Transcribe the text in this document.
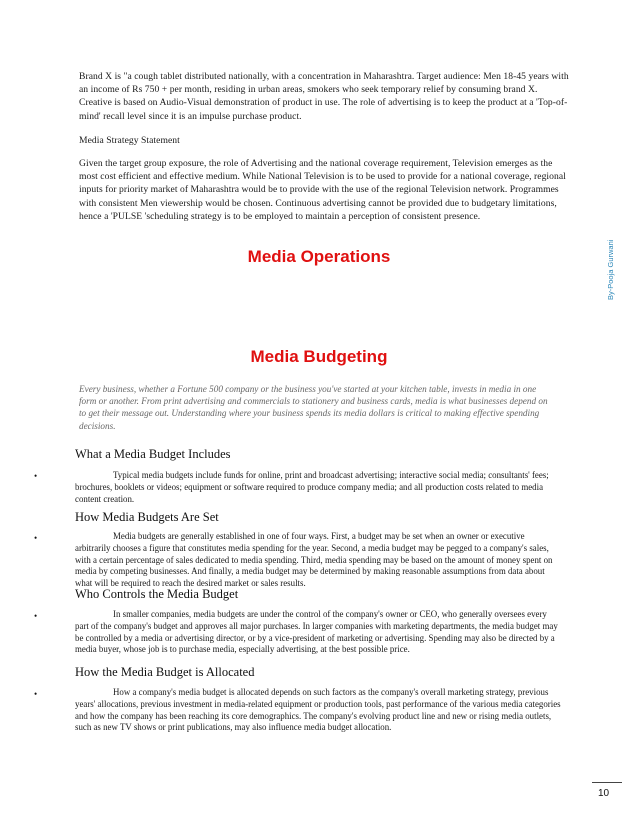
Brand X is "a cough tablet distributed nationally, with a concentration in Maharashtra. Target audience: Men 18-45 years with an income of Rs 750 + per month, residing in urban areas, smokers who seek temporary relief by consuming brand X. Creative is based on Audio-Visual demonstration of product in use. The role of advertising is to keep the product at a 'Top-of-mind' recall level since it is an impulse purchase product.
Media Strategy Statement
Given the target group exposure, the role of Advertising and the national coverage requirement, Television emerges as the most cost efficient and effective medium. While National Television is to be used to provide for a national coverage, regional inputs for priority market of Maharashtra would be to provide with the use of the regional Television network. Programmes with consistent Men viewership would be chosen. Continuous advertising cannot be provided due to budgetary limitations, hence a 'PULSE 'scheduling strategy is to be employed to maintain a perception of consistent presence.
By-Pooja Gurwani
Media Operations
Media Budgeting
Every business, whether a Fortune 500 company or the business you've started at your kitchen table, invests in media in one form or another. From print advertising and commercials to stationery and business cards, media is what businesses depend on to get their message out. Understanding where your business spends its media dollars is critical to making effective spending decisions.
What a Media Budget Includes
•	Typical media budgets include funds for online, print and broadcast advertising; interactive social media; consultants' fees; brochures, booklets or videos; equipment or software required to produce company media; and all production costs related to media content creation.
How Media Budgets Are Set
•	Media budgets are generally established in one of four ways. First, a budget may be set when an owner or executive arbitrarily chooses a figure that constitutes media spending for the year. Second, a media budget may be pegged to a company's sales, with a certain percentage of sales dedicated to media spending. Third, media spending may be based on the amount of money spent on media by competing businesses. And finally, a media budget may be determined by making reasonable assumptions from data about what will be required to reach the desired market or sales results.
Who Controls the Media Budget
•	In smaller companies, media budgets are under the control of the company's owner or CEO, who generally oversees every part of the company's budget and approves all major purchases. In larger companies with marketing departments, the media budget may be controlled by a media or advertising director, or by a vice-president of marketing or advertising. Spending may also be directed by a media buyer, whose job is to purchase media, especially advertising, at the best possible price.
How the Media Budget is Allocated
•	How a company's media budget is allocated depends on such factors as the company's overall marketing strategy, previous years' allocations, previous investment in media-related equipment or production tools, past performance of the various media categories and how the company has been reaching its core demographics. The company's evolving product line and new or rising media outlets, such as new TV shows or print publications, may also influence media budget allocation.
10
